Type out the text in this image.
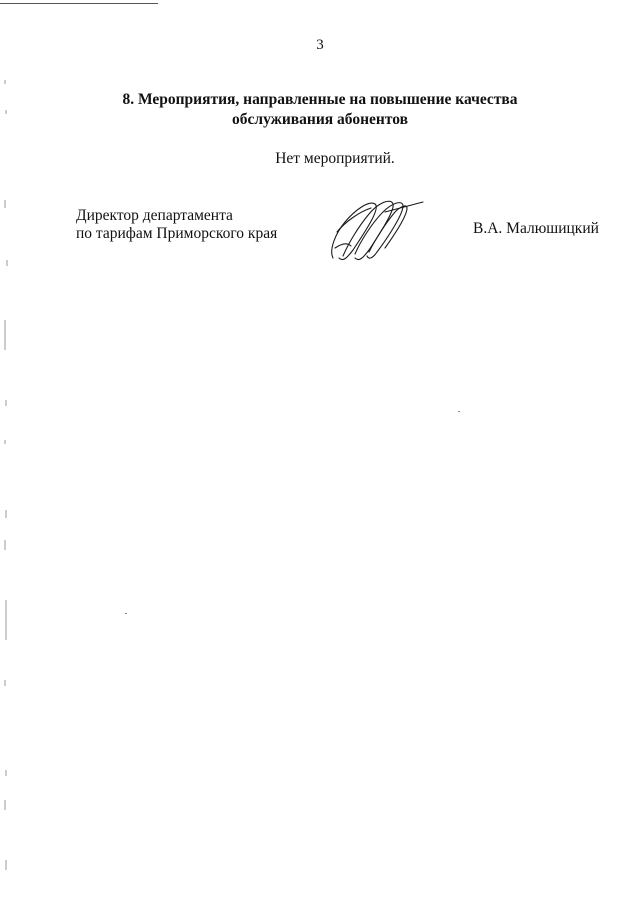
3
8. Мероприятия, направленные на повышение качества
обслуживания абонентов
Нет мероприятий.
Директор департамента
по тарифам Приморского края	В.А. Малюшицкий
